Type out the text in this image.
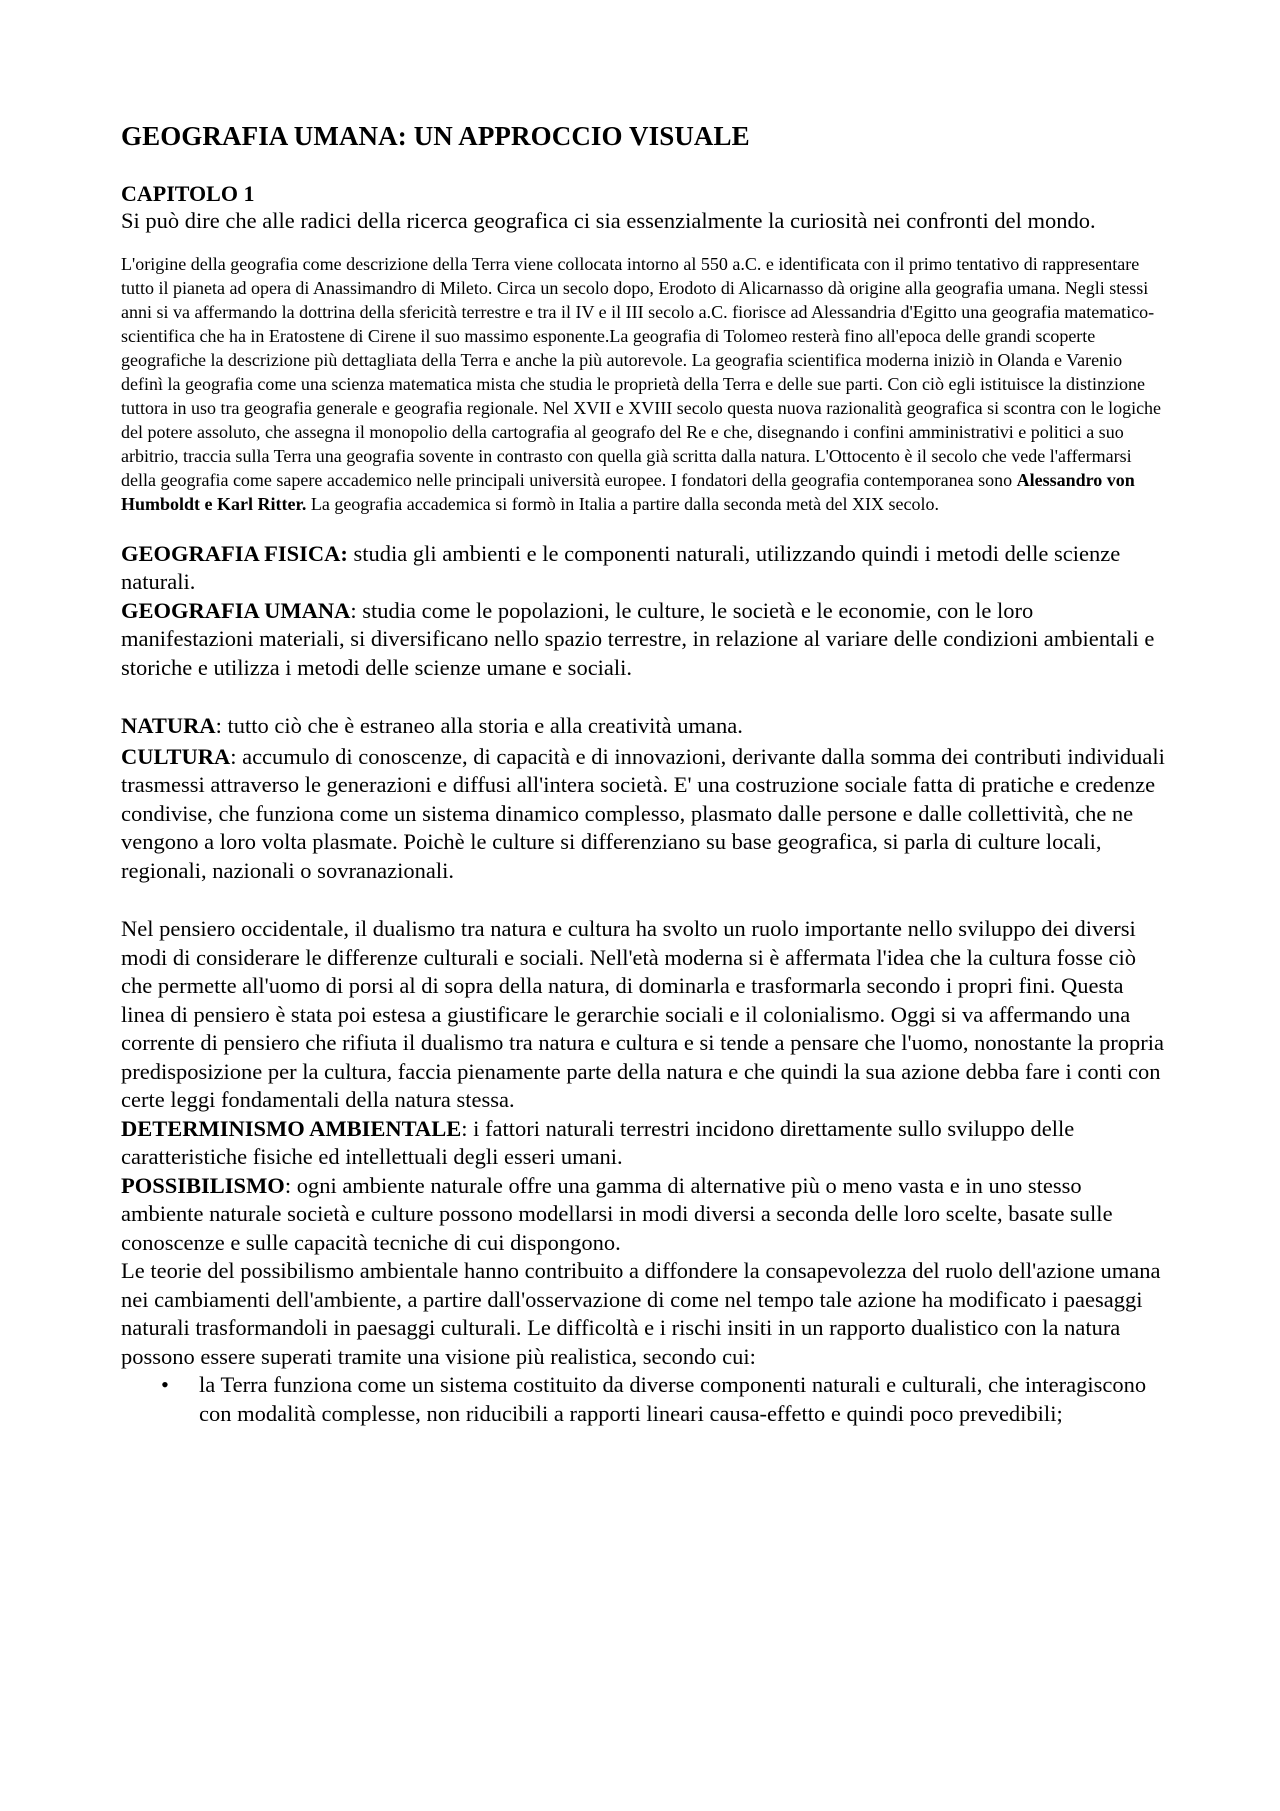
GEOGRAFIA UMANA: UN APPROCCIO VISUALE

CAPITOLO 1

Si può dire che alle radici della ricerca geografica ci sia essenzialmente la curiosità nei confronti del mondo.

L'origine della geografia come descrizione della Terra viene collocata intorno al 550 a.C. e identificata con il primo tentativo di rappresentare tutto il pianeta ad opera di Anassimandro di Mileto. Circa un secolo dopo, Erodoto di Alicarnasso dà origine alla geografia umana. Negli stessi anni si va affermando la dottrina della sfericità terrestre e tra il IV e il III secolo a.C. fiorisce ad Alessandria d'Egitto una geografia matematico-scientifica che ha in Eratostene di Cirene il suo massimo esponente.La geografia di Tolomeo resterà fino all'epoca delle grandi scoperte geografiche la descrizione più dettagliata della Terra e anche la più autorevole. La geografia scientifica moderna iniziò in Olanda e Varenio definì la geografia come una scienza matematica mista che studia le proprietà della Terra e delle sue parti. Con ciò egli istituisce la distinzione tuttora in uso tra geografia generale e geografia regionale. Nel XVII e XVIII secolo questa nuova razionalità geografica si scontra con le logiche del potere assoluto, che assegna il monopolio della cartografia al geografo del Re e che, disegnando i confini amministrativi e politici a suo arbitrio, traccia sulla Terra una geografia sovente in contrasto con quella già scritta dalla natura. L'Ottocento è il secolo che vede l'affermarsi della geografia come sapere accademico nelle principali università europee. I fondatori della geografia contemporanea sono Alessandro von Humboldt e Karl Ritter. La geografia accademica si formò in Italia a partire dalla seconda metà del XIX secolo.

GEOGRAFIA FISICA: studia gli ambienti e le componenti naturali, utilizzando quindi i metodi delle scienze naturali.

GEOGRAFIA UMANA: studia come le popolazioni, le culture, le società e le economie, con le loro manifestazioni materiali, si diversificano nello spazio terrestre, in relazione al variare delle condizioni ambientali e storiche e utilizza i metodi delle scienze umane e sociali.

NATURA: tutto ciò che è estraneo alla storia e alla creatività umana.

CULTURA: accumulo di conoscenze, di capacità e di innovazioni, derivante dalla somma dei contributi individuali trasmessi attraverso le generazioni e diffusi all'intera società. E' una costruzione sociale fatta di pratiche e credenze condivise, che funziona come un sistema dinamico complesso, plasmato dalle persone e dalle collettività, che ne vengono a loro volta plasmate. Poichè le culture si differenziano su base geografica, si parla di culture locali, regionali, nazionali o sovranazionali.

Nel pensiero occidentale, il dualismo tra natura e cultura ha svolto un ruolo importante nello sviluppo dei diversi modi di considerare le differenze culturali e sociali. Nell'età moderna si è affermata l'idea che la cultura fosse ciò che permette all'uomo di porsi al di sopra della natura, di dominarla e trasformarla secondo i propri fini. Questa linea di pensiero è stata poi estesa a giustificare le gerarchie sociali e il colonialismo. Oggi si va affermando una corrente di pensiero che rifiuta il dualismo tra natura e cultura e si tende a pensare che l'uomo, nonostante la propria predisposizione per la cultura, faccia pienamente parte della natura e che quindi la sua azione debba fare i conti con certe leggi fondamentali della natura stessa.

DETERMINISMO AMBIENTALE: i fattori naturali terrestri incidono direttamente sullo sviluppo delle caratteristiche fisiche ed intellettuali degli esseri umani.

POSSIBILISMO: ogni ambiente naturale offre una gamma di alternative più o meno vasta e in uno stesso ambiente naturale società e culture possono modellarsi in modi diversi a seconda delle loro scelte, basate sulle conoscenze e sulle capacità tecniche di cui dispongono.

Le teorie del possibilismo ambientale hanno contribuito a diffondere la consapevolezza del ruolo dell'azione umana nei cambiamenti dell'ambiente, a partire dall'osservazione di come nel tempo tale azione ha modificato i paesaggi naturali trasformandoli in paesaggi culturali. Le difficoltà e i rischi insiti in un rapporto dualistico con la natura possono essere superati tramite una visione più realistica, secondo cui:

• la Terra funziona come un sistema costituito da diverse componenti naturali e culturali, che interagiscono con modalità complesse, non riducibili a rapporti lineari causa-effetto e quindi poco prevedibili;
